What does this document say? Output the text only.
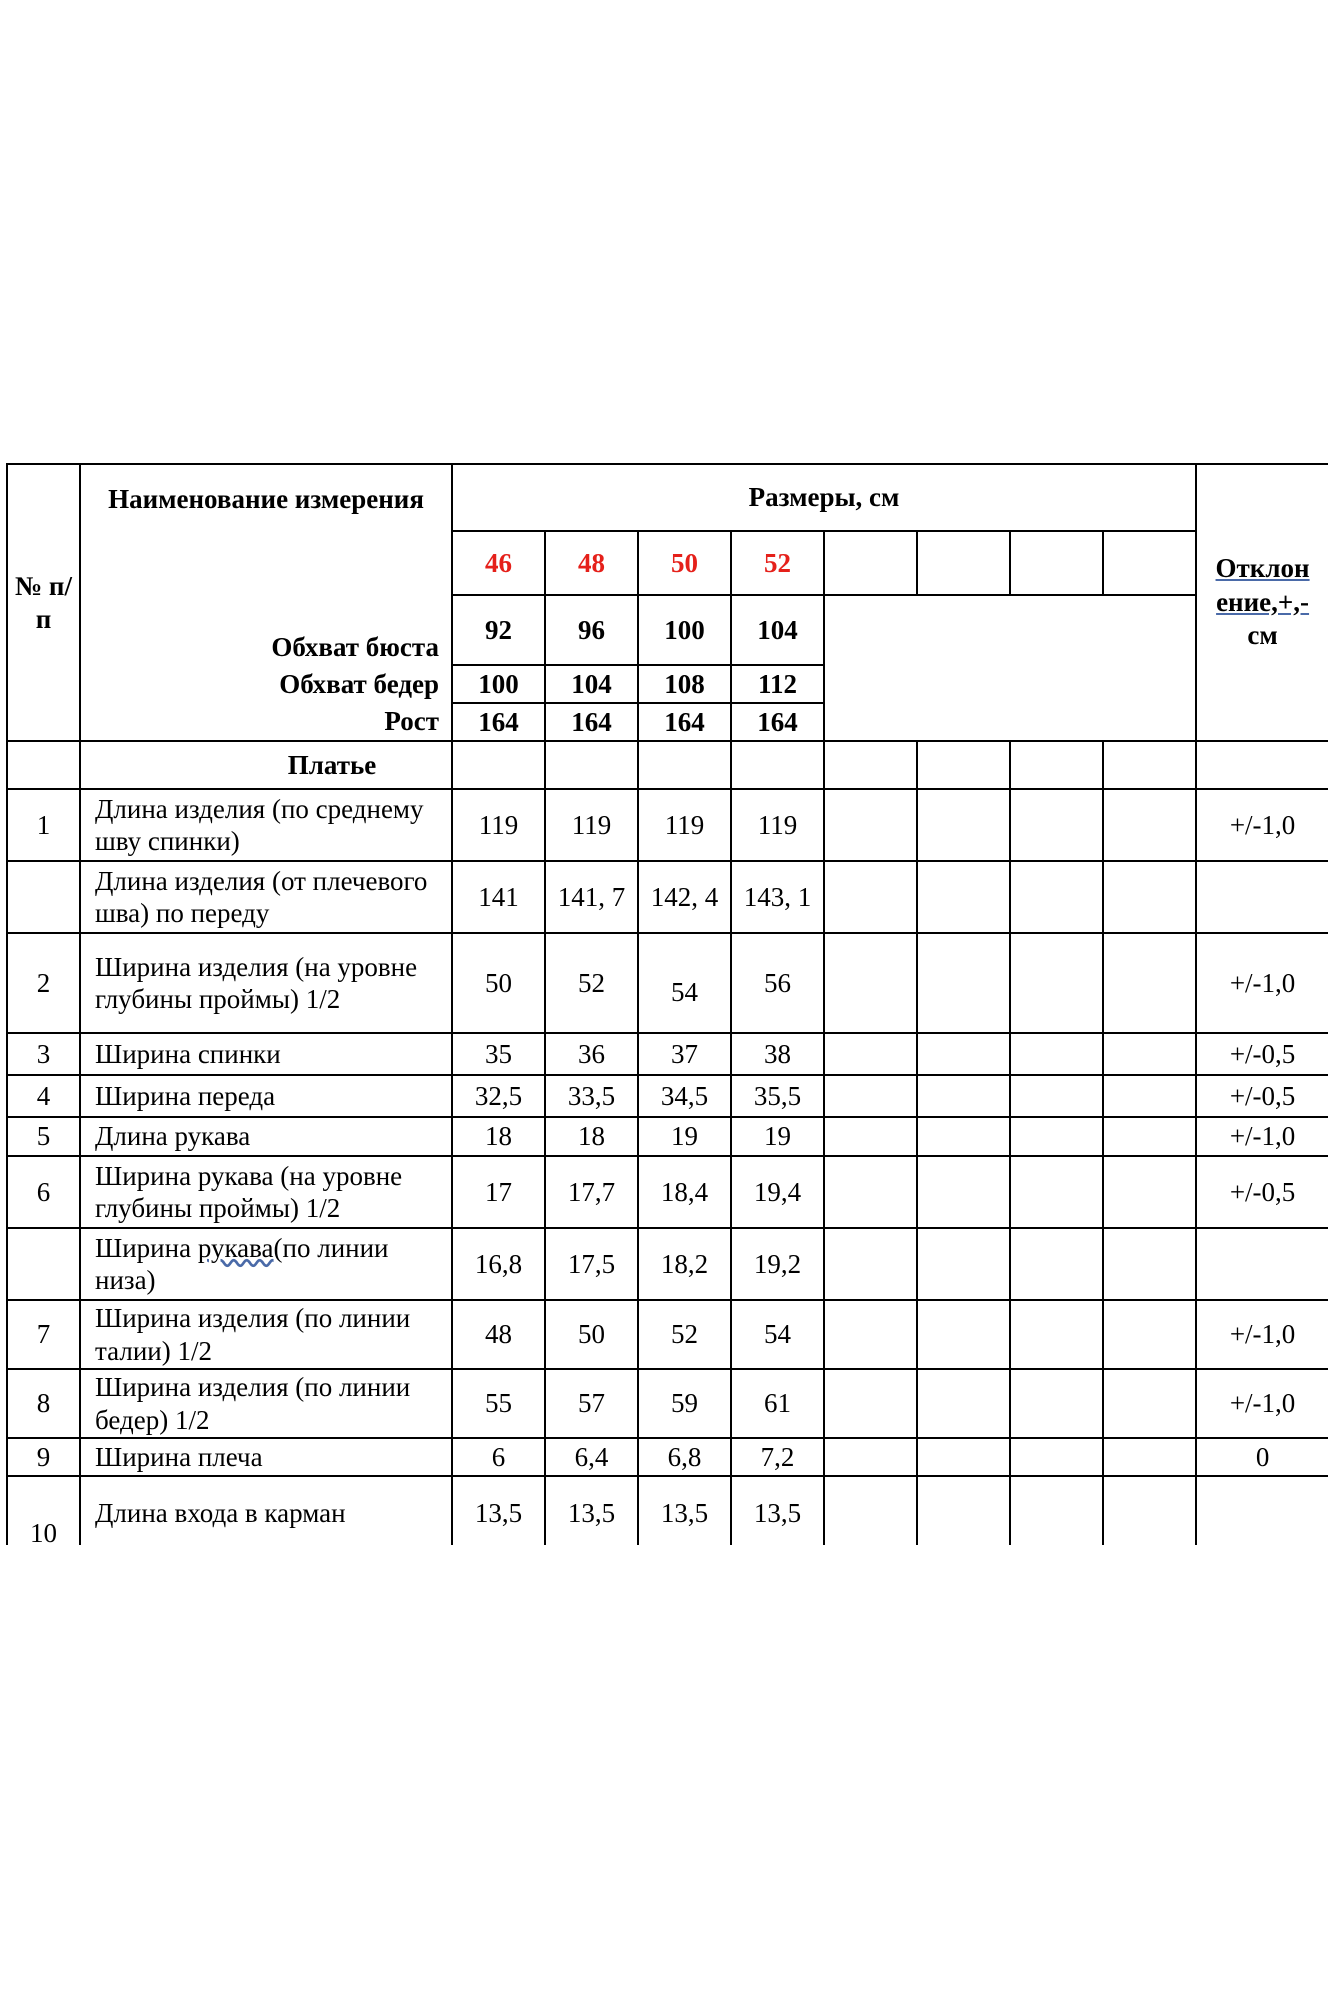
№ п/п	Наименование измерения	Размеры, см								Отклон
ение,+,-
см
		46	48	50	52					
	Обхват бюста	92	96	100	104					
	Обхват бедер	100	104	108	112					
	Рост	164	164	164	164					
	Платье									
1	Длина изделия (по среднему шву спинки)	119	119	119	119					+/-1,0
	Длина изделия (от плечевого шва) по переду	141	141, 7	142, 4	143, 1					
2	Ширина изделия (на уровне глубины проймы) 1/2	50	52	54	56					+/-1,0
3	Ширина спинки	35	36	37	38					+/-0,5
4	Ширина переда	32,5	33,5	34,5	35,5					+/-0,5
5	Длина рукава	18	18	19	19					+/-1,0
6	Ширина рукава (на уровне глубины проймы) 1/2	17	17,7	18,4	19,4					+/-0,5
	Ширина рукава(по линии низа)	16,8	17,5	18,2	19,2					
7	Ширина изделия (по линии талии) 1/2	48	50	52	54					+/-1,0
8	Ширина изделия (по линии бедер) 1/2	55	57	59	61					+/-1,0
9	Ширина плеча	6	6,4	6,8	7,2					0
10	Длина входа в карман	13,5	13,5	13,5	13,5					
